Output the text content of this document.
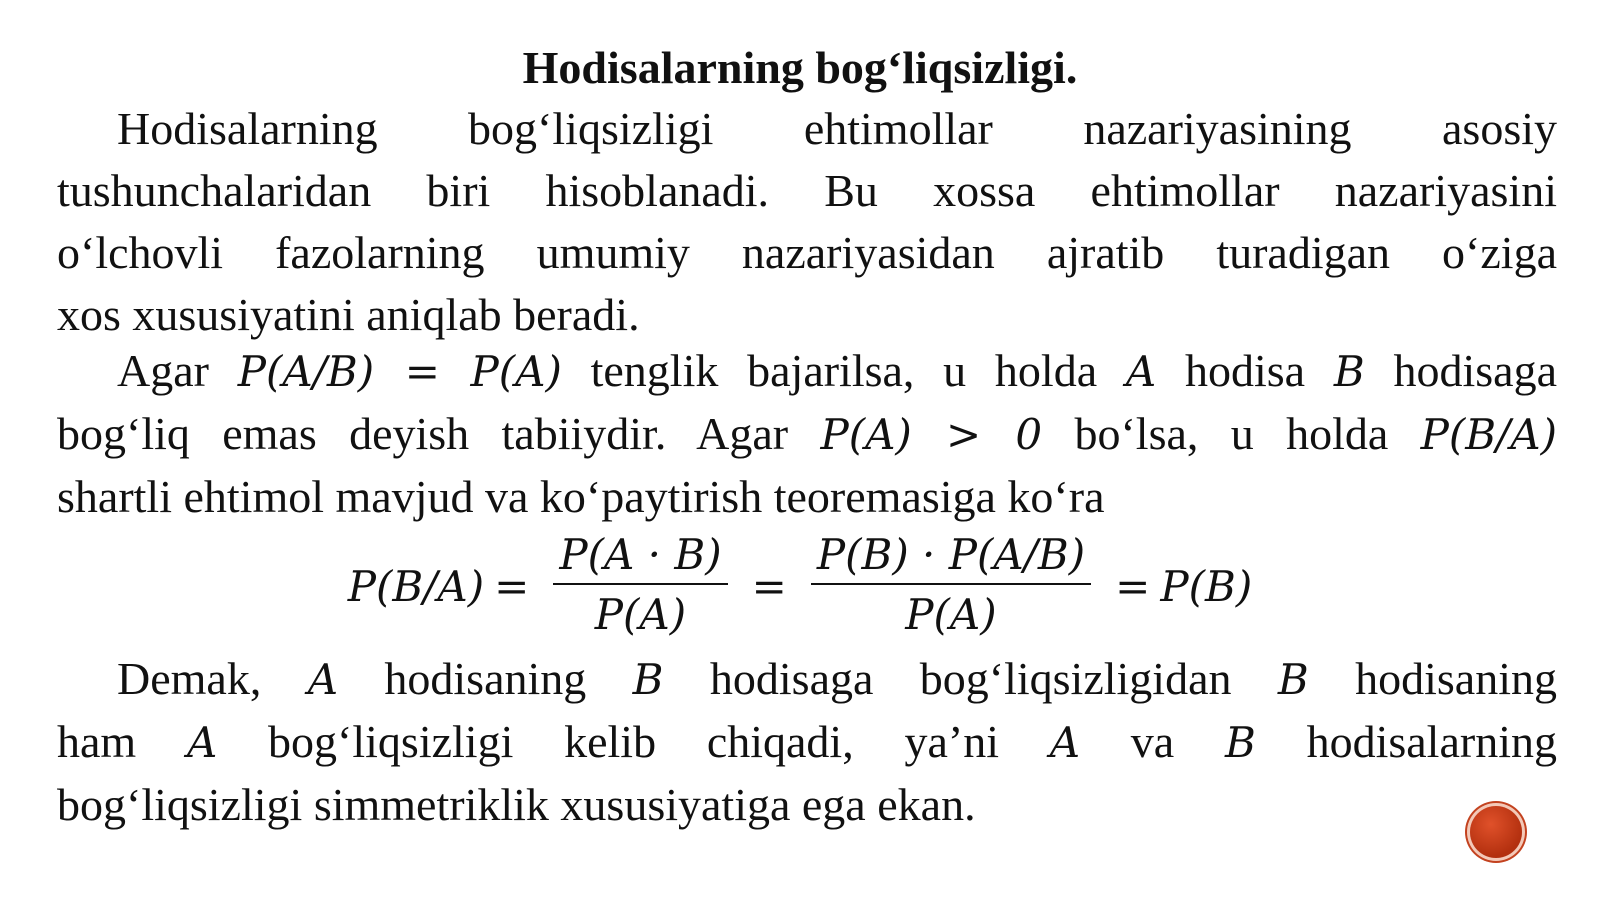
Hodisalarning bog‘liqsizligi.
Hodisalarning bog‘liqsizligi ehtimollar nazariyasining asosiy
tushunchalaridan biri hisoblanadi. Bu xossa ehtimollar nazariyasini
o‘lchovli fazolarning umumiy nazariyasidan ajratib turadigan o‘ziga
xos xususiyatini aniqlab beradi.
Agar P(A/B) = P(A) tenglik bajarilsa, u holda A hodisa B hodisaga
bog‘liq emas deyish tabiiydir. Agar P(A) > 0 bo‘lsa, u holda P(B/A)
shartli ehtimol mavjud va ko‘paytirish teoremasiga ko‘ra
$P(B/A) = \frac{P(A \cdot B)}{P(A)} = \frac{P(B) \cdot P(A/B)}{P(A)} = P(B)$
Demak, A hodisaning B hodisaga bog‘liqsizligidan B hodisaning
ham A bog‘liqsizligi kelib chiqadi, ya’ni A va B hodisalarning
bog‘liqsizligi simmetriklik xususiyatiga ega ekan.
